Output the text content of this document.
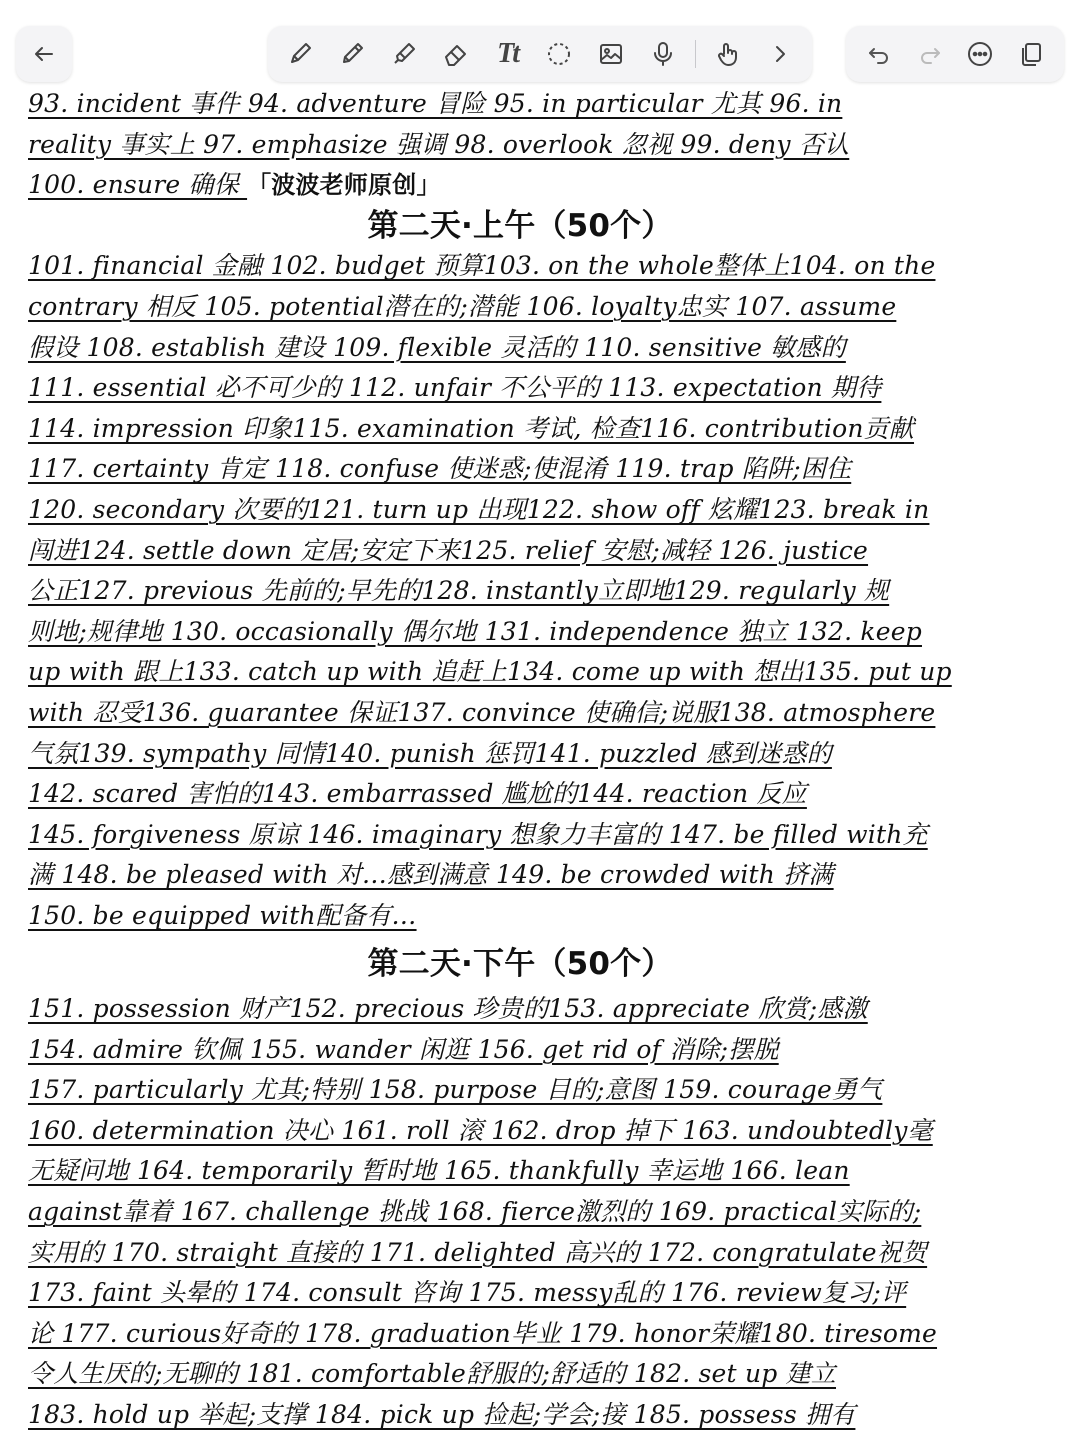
Tt
93. incident 事件 94. adventure 冒险 95. in particular 尤其 96. in
reality 事实上 97. emphasize 强调 98. overlook 忽视 99. deny 否认
100. ensure 确保 「波波老师原创」
第二天·上午（50个）
101. financial 金融 102. budget 预算103. on the whole整体上104. on the
contrary 相反 105. potential潜在的;潜能 106. loyalty忠实 107. assume
假设 108. establish 建设 109. flexible 灵活的 110. sensitive 敏感的
111. essential 必不可少的 112. unfair 不公平的 113. expectation 期待
114. impression 印象115. examination 考试, 检查116. contribution贡献
117. certainty 肯定 118. confuse 使迷惑;使混淆 119. trap 陷阱;困住
120. secondary 次要的121. turn up 出现122. show off 炫耀123. break in
闯进124. settle down 定居;安定下来125. relief 安慰;减轻 126. justice
公正127. previous 先前的;早先的128. instantly立即地129. regularly 规
则地;规律地 130. occasionally 偶尔地 131. independence 独立 132. keep
up with 跟上133. catch up with 追赶上134. come up with 想出135. put up
with 忍受136. guarantee 保证137. convince 使确信;说服138. atmosphere
气氛139. sympathy 同情140. punish 惩罚141. puzzled 感到迷惑的
142. scared 害怕的143. embarrassed 尴尬的144. reaction 反应
145. forgiveness 原谅 146. imaginary 想象力丰富的 147. be filled with充
满 148. be pleased with 对…感到满意 149. be crowded with 挤满
150. be equipped with配备有…
第二天·下午（50个）
151. possession 财产152. precious 珍贵的153. appreciate 欣赏;感激
154. admire 钦佩 155. wander 闲逛 156. get rid of 消除;摆脱
157. particularly 尤其;特别 158. purpose 目的;意图 159. courage勇气
160. determination 决心 161. roll 滚 162. drop 掉下 163. undoubtedly毫
无疑问地 164. temporarily 暂时地 165. thankfully 幸运地 166. lean
against靠着 167. challenge 挑战 168. fierce激烈的 169. practical实际的;
实用的 170. straight 直接的 171. delighted 高兴的 172. congratulate祝贺
173. faint 头晕的 174. consult 咨询 175. messy乱的 176. review复习;评
论 177. curious好奇的 178. graduation毕业 179. honor荣耀180. tiresome
令人生厌的;无聊的 181. comfortable舒服的;舒适的 182. set up 建立
183. hold up 举起;支撑 184. pick up 捡起;学会;接 185. possess 拥有
